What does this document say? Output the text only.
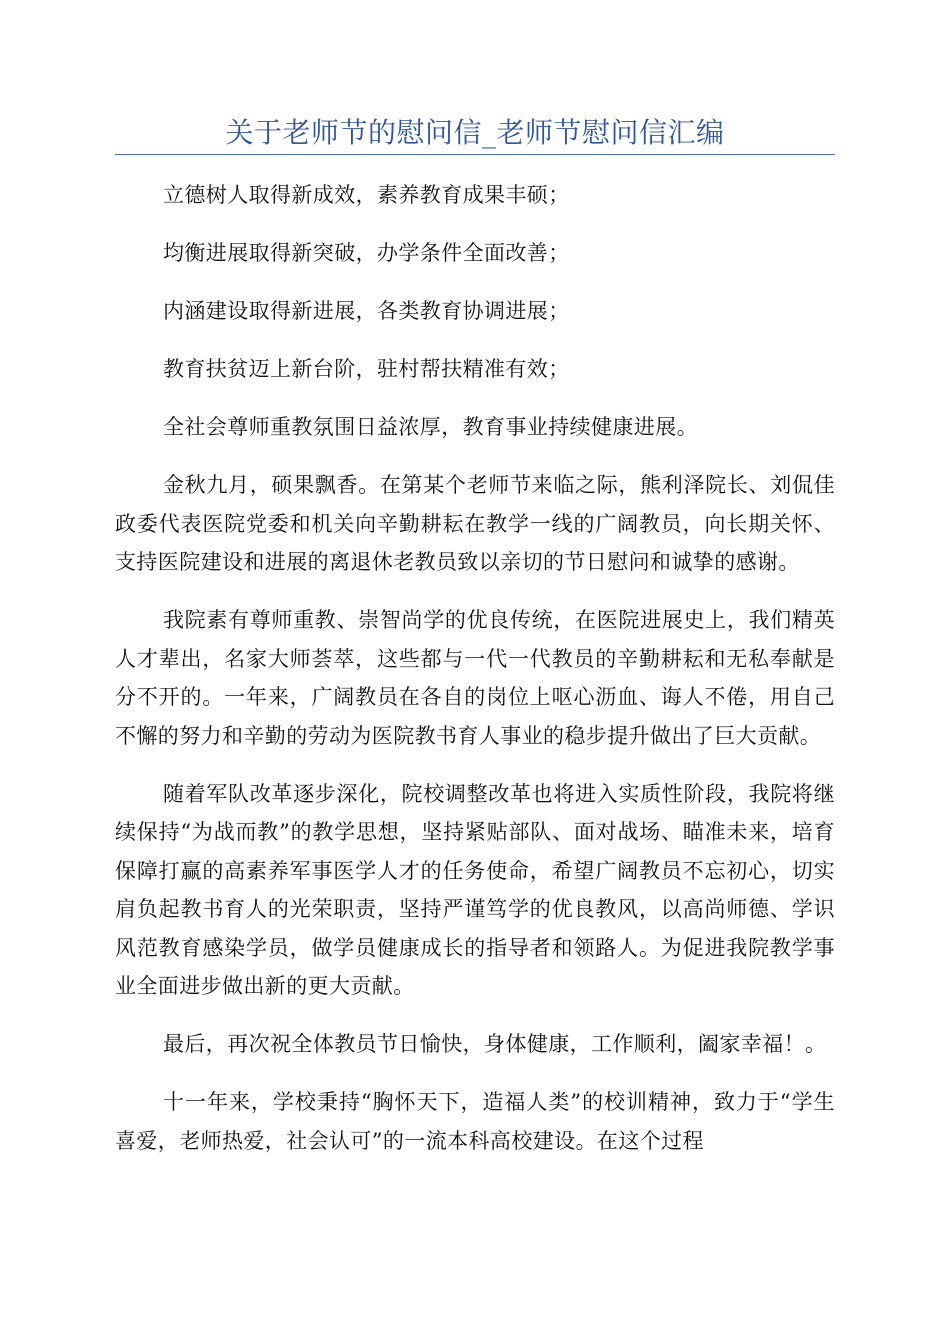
关于老师节的慰问信_老师节慰问信汇编

立德树人取得新成效，素养教育成果丰硕；

均衡进展取得新突破，办学条件全面改善；

内涵建设取得新进展，各类教育协调进展；

教育扶贫迈上新台阶，驻村帮扶精准有效；

全社会尊师重教氛围日益浓厚，教育事业持续健康进展。

金秋九月，硕果飘香。在第某个老师节来临之际，熊利泽院长、刘侃佳政委代表医院党委和机关向辛勤耕耘在教学一线的广阔教员，向长期关怀、支持医院建设和进展的离退休老教员致以亲切的节日慰问和诚挚的感谢。

我院素有尊师重教、崇智尚学的优良传统，在医院进展史上，我们精英人才辈出，名家大师荟萃，这些都与一代一代教员的辛勤耕耘和无私奉献是分不开的。一年来，广阔教员在各自的岗位上呕心沥血、诲人不倦，用自己不懈的努力和辛勤的劳动为医院教书育人事业的稳步提升做出了巨大贡献。

随着军队改革逐步深化，院校调整改革也将进入实质性阶段，我院将继续保持“为战而教”的教学思想，坚持紧贴部队、面对战场、瞄准未来，培育保障打赢的高素养军事医学人才的任务使命，希望广阔教员不忘初心，切实肩负起教书育人的光荣职责，坚持严谨笃学的优良教风，以高尚师德、学识风范教育感染学员，做学员健康成长的指导者和领路人。为促进我院教学事业全面进步做出新的更大贡献。

最后，再次祝全体教员节日愉快，身体健康，工作顺利，阖家幸福！。

十一年来，学校秉持“胸怀天下，造福人类”的校训精神，致力于“学生喜爱，老师热爱，社会认可”的一流本科高校建设。在这个过程
